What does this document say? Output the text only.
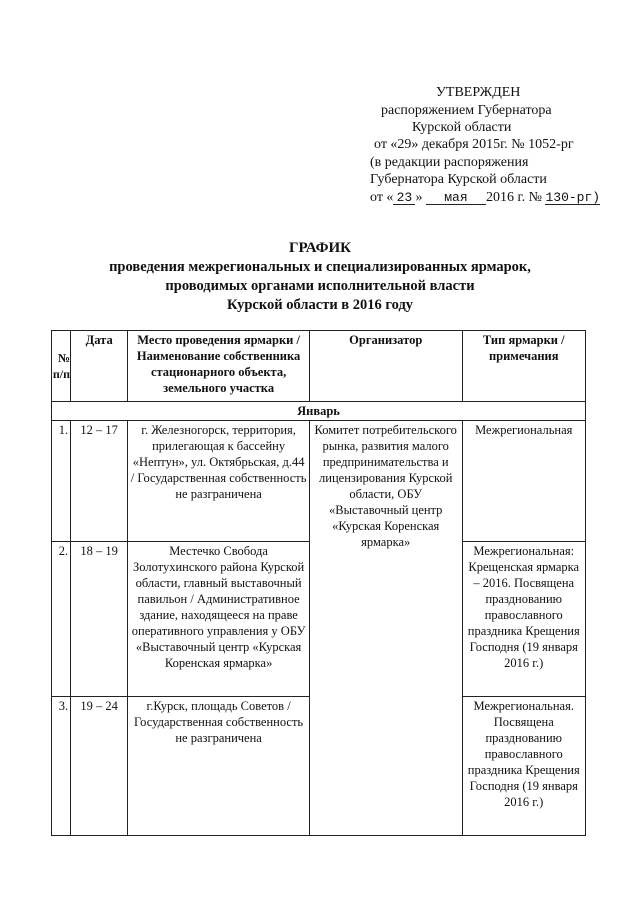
УТВЕРЖДЕН
распоряжением Губернатора
Курской области
от «29» декабря 2015г. № 1052-рг
(в редакции распоряжения
Губернатора Курской области
от « 23 » мая 2016 г. № 130-рг)
ГРАФИК
проведения межрегиональных и специализированных ярмарок,
проводимых органами исполнительной власти
Курской области в 2016 году
№ п/п	Дата	Место проведения ярмарки / Наименование собственника стационарного объекта, земельного участка	Организатор	Тип ярмарки / примечания
Январь				
1.	12 – 17	г. Железногорск, территория, прилегающая к бассейну «Нептун», ул. Октябрьская, д.44 / Государственная собственность не разграничена	Комитет потребительского рынка, развития малого предпринимательства и лицензирования Курской области, ОБУ «Выставочный центр «Курская Коренская ярмарка»	Межрегиональная
2.	18 – 19	Местечко Свобода Золотухинского района Курской области, главный выставочный павильон / Административное здание, находящееся на праве оперативного управления у ОБУ «Выставочный центр «Курская Коренская ярмарка»		Межрегиональная: Крещенская ярмарка – 2016. Посвящена празднованию православного праздника Крещения Господня (19 января 2016 г.)
3.	19 – 24	г.Курск, площадь Советов / Государственная собственность не разграничена		Межрегиональная. Посвящена празднованию православного праздника Крещения Господня (19 января 2016 г.)
